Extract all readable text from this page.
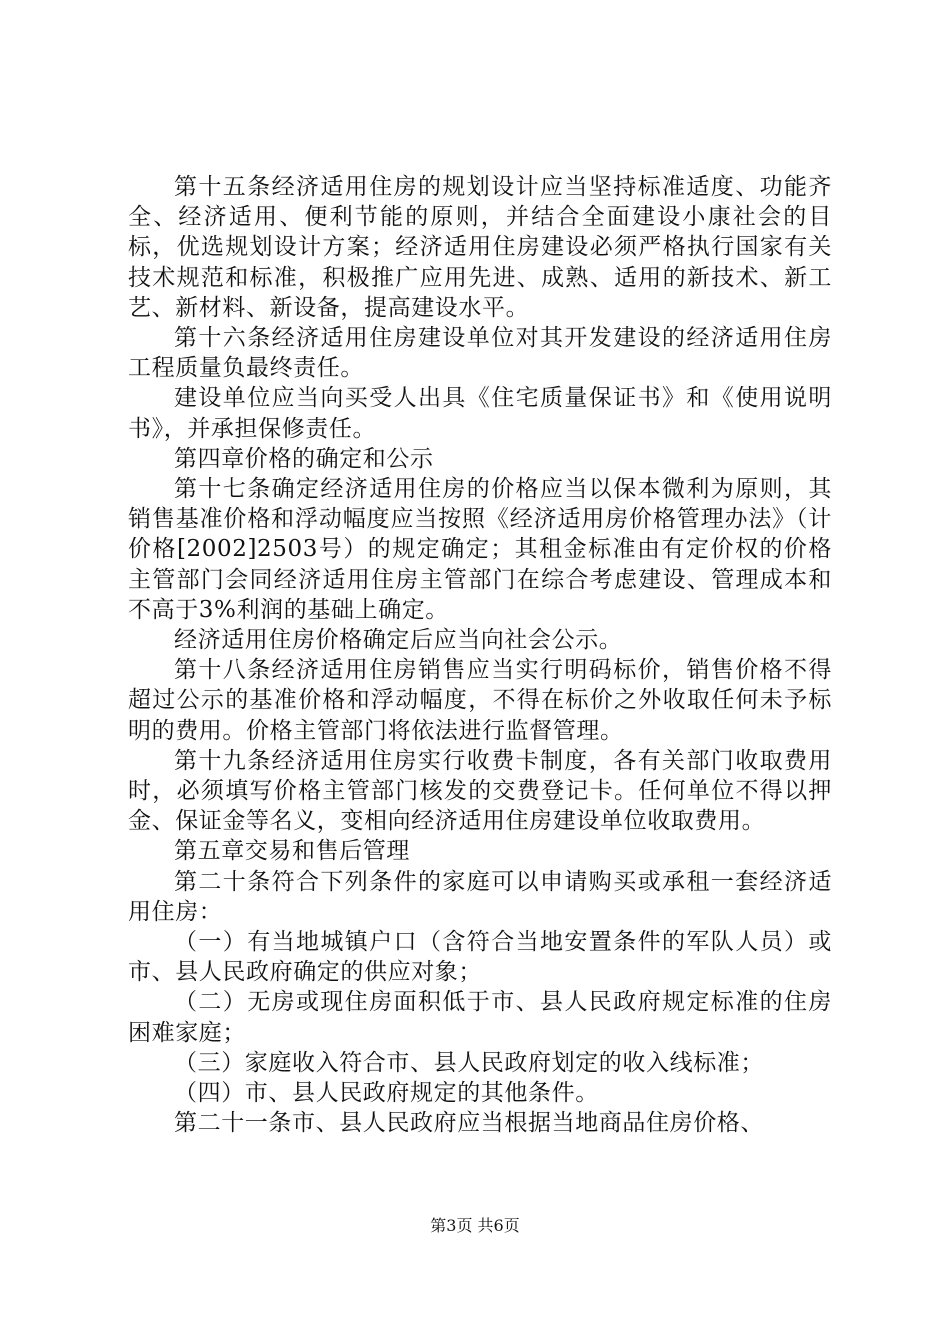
第十五条经济适用住房的规划设计应当坚持标准适度、功能齐全、经济适用、便利节能的原则，并结合全面建设小康社会的目标，优选规划设计方案；经济适用住房建设必须严格执行国家有关技术规范和标准，积极推广应用先进、成熟、适用的新技术、新工艺、新材料、新设备，提高建设水平。

第十六条经济适用住房建设单位对其开发建设的经济适用住房工程质量负最终责任。

建设单位应当向买受人出具《住宅质量保证书》和《使用说明书》，并承担保修责任。

第四章价格的确定和公示

第十七条确定经济适用住房的价格应当以保本微利为原则，其销售基准价格和浮动幅度应当按照《经济适用房价格管理办法》（计价格[2002]2503号）的规定确定；其租金标准由有定价权的价格主管部门会同经济适用住房主管部门在综合考虑建设、管理成本和不高于3%利润的基础上确定。

经济适用住房价格确定后应当向社会公示。

第十八条经济适用住房销售应当实行明码标价，销售价格不得超过公示的基准价格和浮动幅度，不得在标价之外收取任何未予标明的费用。价格主管部门将依法进行监督管理。

第十九条经济适用住房实行收费卡制度，各有关部门收取费用时，必须填写价格主管部门核发的交费登记卡。任何单位不得以押金、保证金等名义，变相向经济适用住房建设单位收取费用。

第五章交易和售后管理

第二十条符合下列条件的家庭可以申请购买或承租一套经济适用住房：

（一）有当地城镇户口（含符合当地安置条件的军队人员）或市、县人民政府确定的供应对象；

（二）无房或现住房面积低于市、县人民政府规定标准的住房困难家庭；

（三）家庭收入符合市、县人民政府划定的收入线标准；

（四）市、县人民政府规定的其他条件。

第二十一条市、县人民政府应当根据当地商品住房价格、

第3页 共6页
